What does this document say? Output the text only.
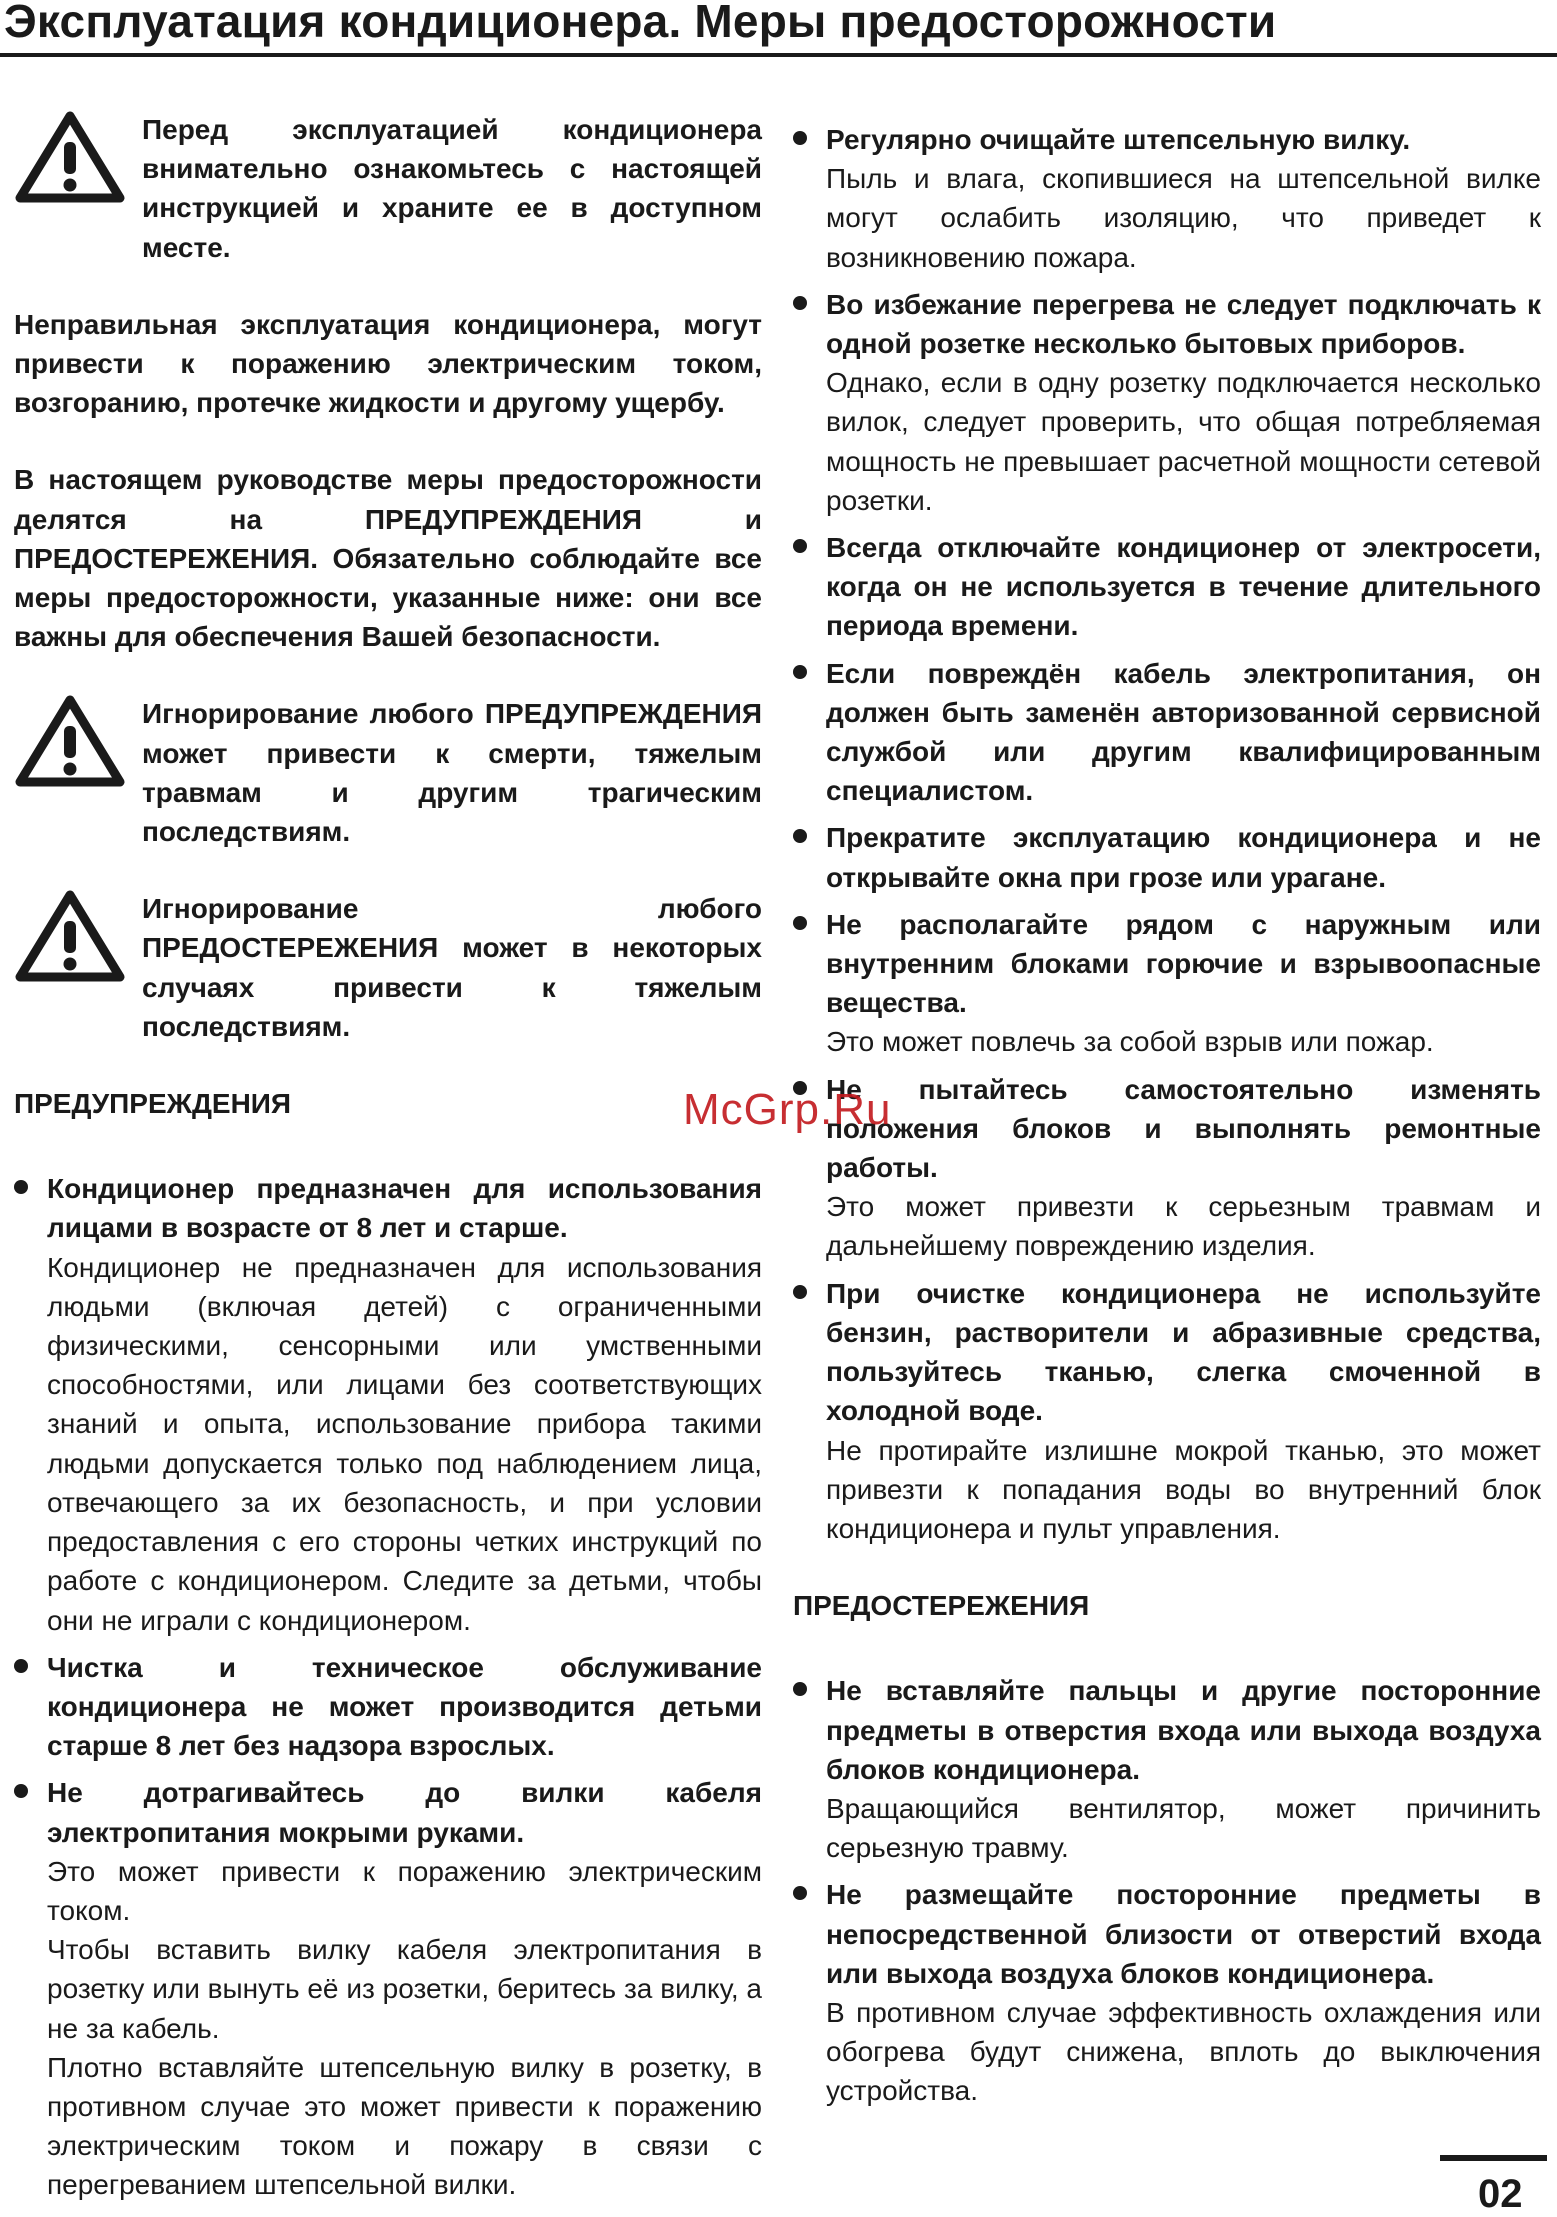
Эксплуатация кондиционера. Меры предосторожности

Перед эксплуатацией кондиционера внимательно ознакомьтесь с настоящей инструкцией и храните ее в доступном месте.

Неправильная эксплуатация кондиционера, могут привести к поражению электрическим током, возгоранию, протечке жидкости и другому ущербу.

В настоящем руководстве меры предосторожности делятся на ПРЕДУПРЕЖДЕНИЯ и ПРЕДОСТЕРЕЖЕНИЯ. Обязательно соблюдайте все меры предосторожности, указанные ниже: они все важны для обеспечения Вашей безопасности.

Игнорирование любого ПРЕДУПРЕЖДЕНИЯ может привести к смерти, тяжелым травмам и другим трагическим последствиям.

Игнорирование любого ПРЕДОСТЕРЕЖЕНИЯ может в некоторых случаях привести к тяжелым последствиям.

ПРЕДУПРЕЖДЕНИЯ

Кондиционер предназначен для использования лицами в возрасте от 8 лет и старше.

Кондиционер не предназначен для использования людьми (включая детей) с ограниченными физическими, сенсорными или умственными способностями, или лицами без соответствующих знаний и опыта, использование прибора такими людьми допускается только под наблюдением лица, отвечающего за их безопасность, и при условии предоставления с его стороны четких инструкций по работе с кондиционером. Следите за детьми, чтобы они не играли с кондиционером.

Чистка и техническое обслуживание кондиционера не может производится детьми старше 8 лет без надзора взрослых.

Не дотрагивайтесь до вилки кабеля электропитания мокрыми руками.

Это может привести к поражению электрическим током.

Чтобы вставить вилку кабеля электропитания в розетку или вынуть её из розетки, беритесь за вилку, а не за кабель.

Плотно вставляйте штепсельную вилку в розетку, в противном случае это может привести к поражению электрическим током и пожару в связи с перегреванием штепсельной вилки.

Регулярно очищайте штепсельную вилку.

Пыль и влага, скопившиеся на штепсельной вилке могут ослабить изоляцию, что приведет к возникновению пожара.

Во избежание перегрева не следует подключать к одной розетке несколько бытовых приборов.

Однако, если в одну розетку подключается несколько вилок, следует проверить, что общая потребляемая мощность не превышает расчетной мощности сетевой розетки.

Всегда отключайте кондиционер от электросети, когда он не используется в течение длительного периода времени.

Если повреждён кабель электропитания, он должен быть заменён авторизованной сервисной службой или другим квалифицированным специалистом.

Прекратите эксплуатацию кондиционера и не открывайте окна при грозе или урагане.

Не располагайте рядом с наружным или внутренним блоками горючие и взрывоопасные вещества.

Это может повлечь за собой взрыв или пожар.

Не пытайтесь самостоятельно изменять положения блоков и выполнять ремонтные работы.

Это может привезти к серьезным травмам и дальнейшему повреждению изделия.

При очистке кондиционера не используйте бензин, растворители и абразивные средства, пользуйтесь тканью, слегка смоченной в холодной воде.

Не протирайте излишне мокрой тканью, это может привезти к попадания воды во внутренний блок кондиционера и пульт управления.

ПРЕДОСТЕРЕЖЕНИЯ

Не вставляйте пальцы и другие посторонние предметы в отверстия входа или выхода воздуха блоков кондиционера.

Вращающийся вентилятор, может причинить серьезную травму.

Не размещайте посторонние предметы в непосредственной близости от отверстий входа или выхода воздуха блоков кондиционера.

В противном случае эффективность охлаждения или обогрева будут снижена, вплоть до выключения устройства.

McGrp.Ru
02
